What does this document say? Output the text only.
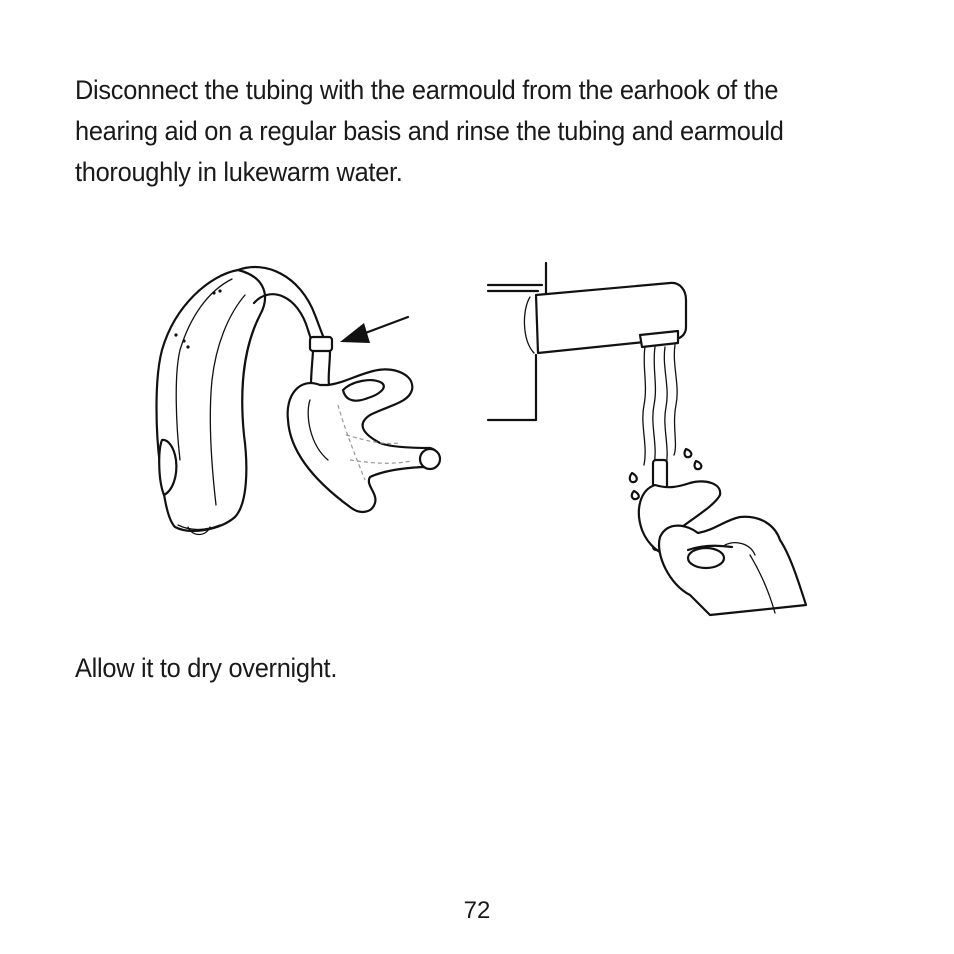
Disconnect the tubing with the earmould from the earhook of the hearing aid on a regular basis and rinse the tubing and earmould thoroughly in lukewarm water.

Allow it to dry overnight.

72
